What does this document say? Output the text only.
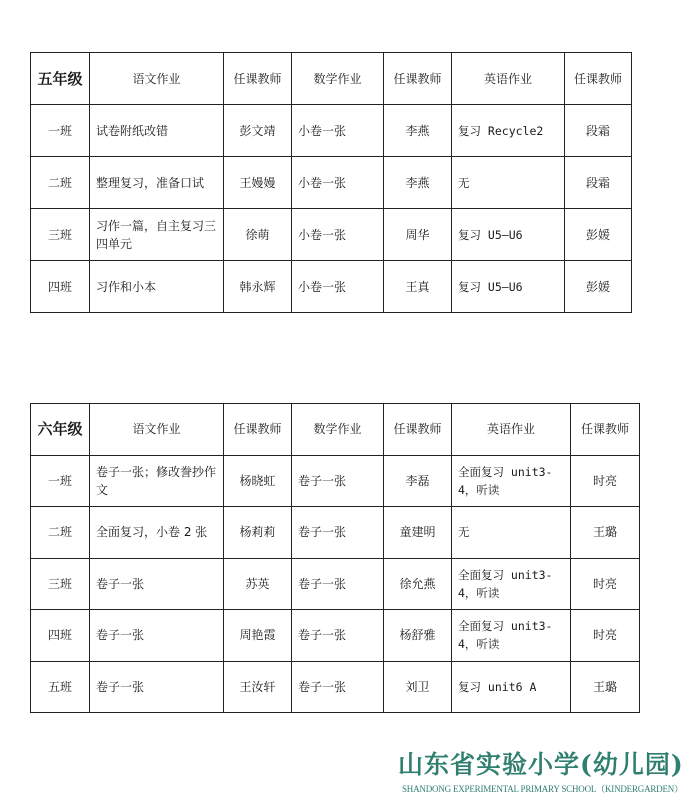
五年级	语文作业	任课教师	数学作业	任课教师	英语作业	任课教师
一班	试卷附纸改错	彭文靖	小卷一张	李燕	复习 Recycle2	段霜
二班	整理复习，准备口试	王嫚嫚	小卷一张	李燕	无	段霜
三班	习作一篇，自主复习三四单元	徐萌	小卷一张	周华	复习 U5—U6	彭媛
四班	习作和小本	韩永辉	小卷一张	王真	复习 U5—U6	彭媛
六年级	语文作业	任课教师	数学作业	任课教师	英语作业	任课教师
一班	卷子一张；修改誊抄作文	杨晓虹	卷子一张	李磊	全面复习 unit3-4，听读	时亮
二班	全面复习，小卷 2 张	杨莉莉	卷子一张	童建明	无	王璐
三班	卷子一张	苏英	卷子一张	徐允燕	全面复习 unit3-4，听读	时亮
四班	卷子一张	周艳霞	卷子一张	杨舒雅	全面复习 unit3-4，听读	时亮
五班	卷子一张	王汝轩	卷子一张	刘卫	复习 unit6 A	王璐
山东省实验小学(幼儿园)
SHANDONG EXPERIMENTAL PRIMARY SCHOOL（KINDERGARDEN）
